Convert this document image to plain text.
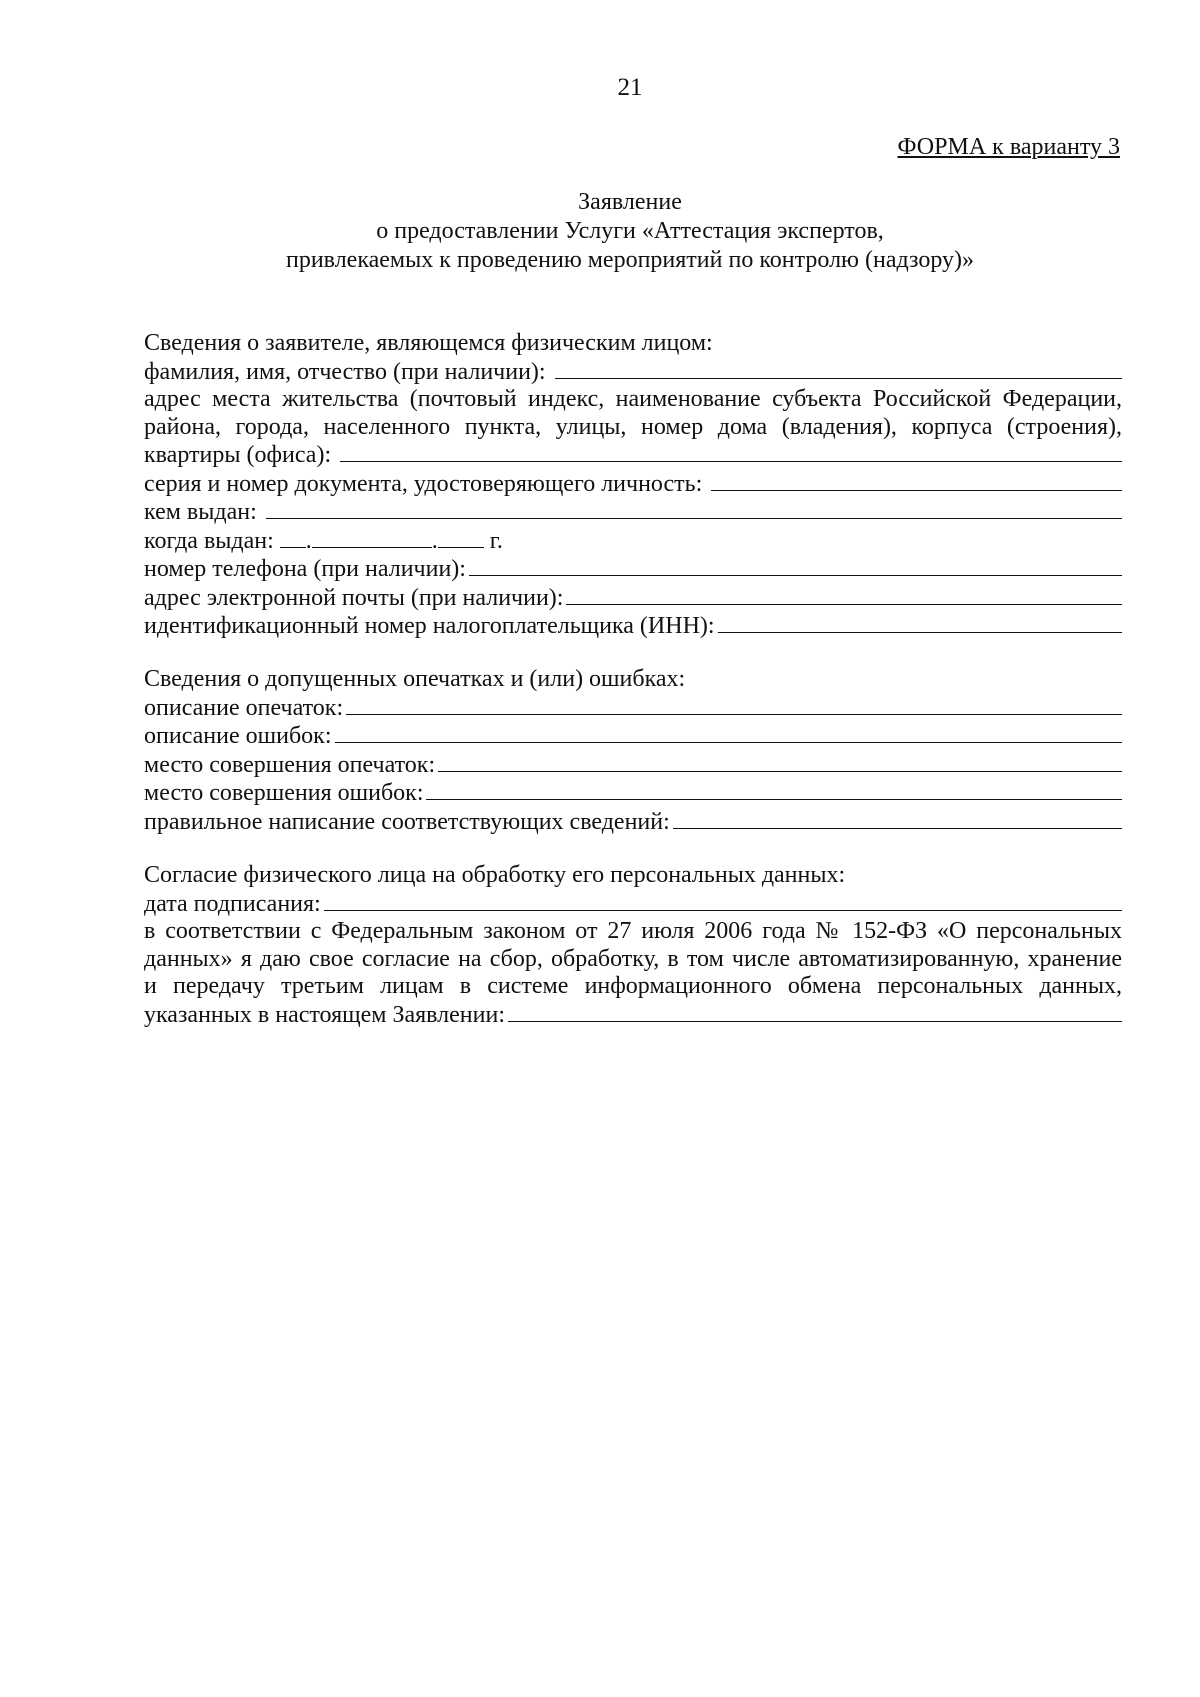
21
ФОРМА к варианту 3
Заявление
о предоставлении Услуги «Аттестация экспертов,
привлекаемых к проведению мероприятий по контролю (надзору)»
Сведения о заявителе, являющемся физическим лицом:
фамилия, имя, отчество (при наличии):

адрес места жительства (почтовый индекс, наименование субъекта Российской Федерации,
района, города, населенного пункта, улицы, номер дома (владения), корпуса (строения),
квартиры (офиса):

серия и номер документа, удостоверяющего личность:

кем выдан:

когда выдан: .	. г.
номер телефона (при наличии):
адрес электронной почты (при наличии):
идентификационный номер налогоплательщика (ИНН):
Сведения о допущенных опечатках и (или) ошибках:
описание опечаток:
описание ошибок:
место совершения опечаток:
место совершения ошибок:
правильное написание соответствующих сведений:
Согласие физического лица на обработку его персональных данных:
дата подписания:
в соответствии с Федеральным законом от 27 июля 2006 года № 152-ФЗ «О персональных
данных» я даю свое согласие на сбор, обработку, в том числе автоматизированную, хранение
и передачу третьим лицам в системе информационного обмена персональных данных,
указанных в настоящем Заявлении:
